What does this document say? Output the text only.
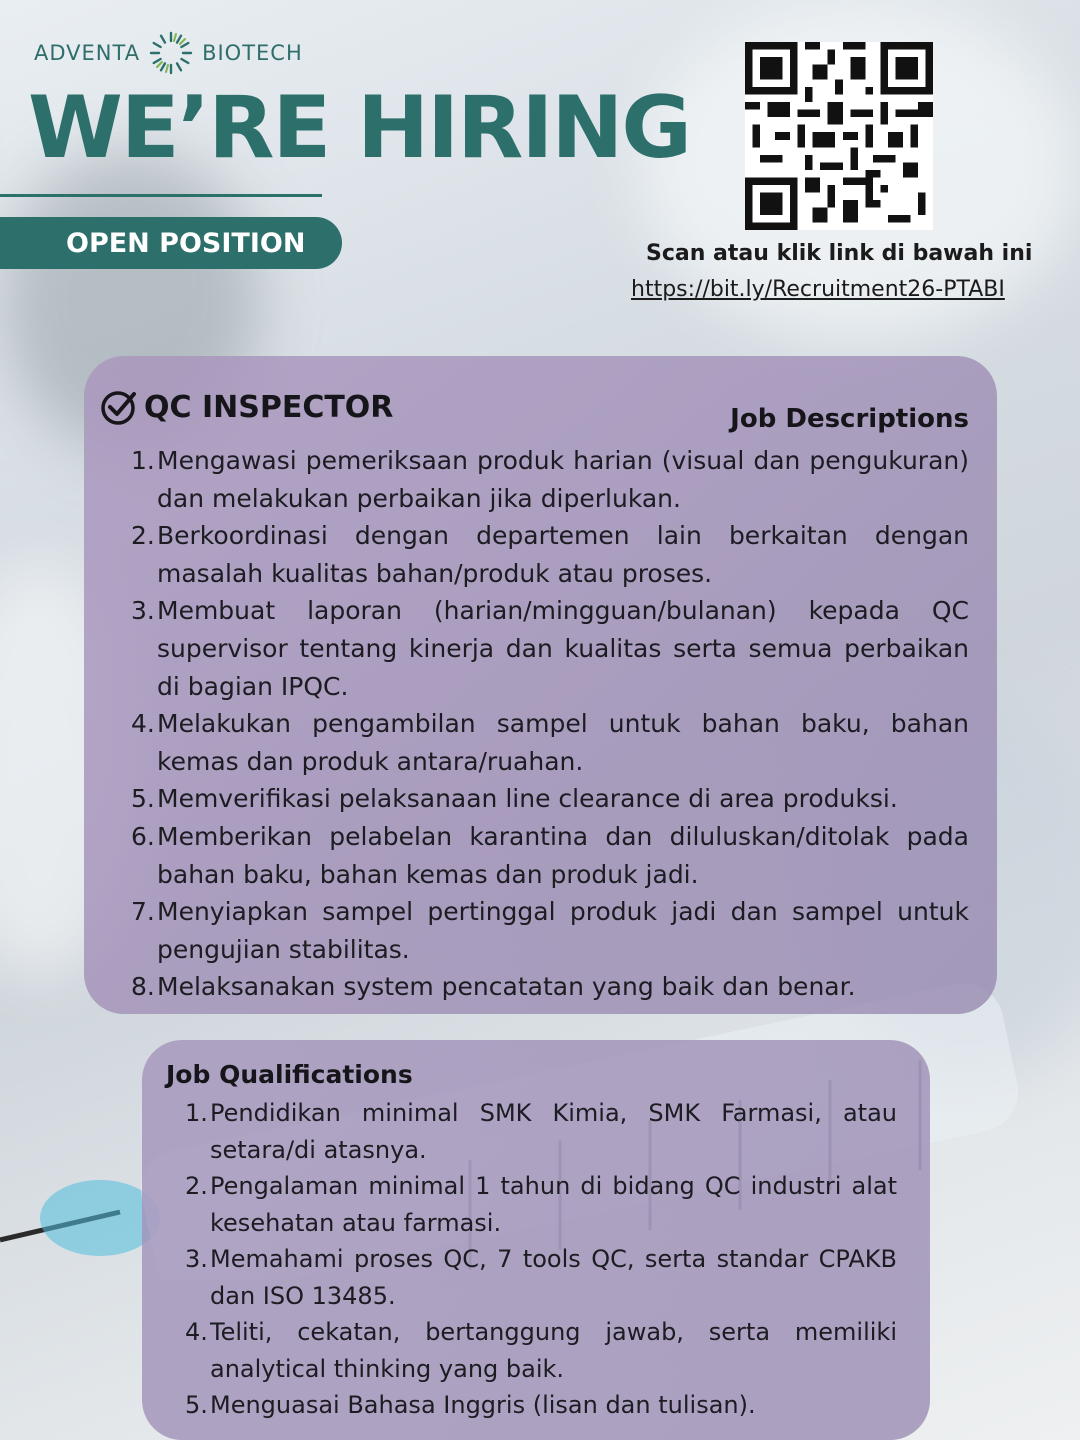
ADVENTA	BIOTECH
WE’RE HIRING
OPEN POSITION	Scan atau klik link di bawah ini
https://bit.ly/Recruitment26-PTABI
QC INSPECTOR	Job Descriptions
1. Mengawasi pemeriksaan produk harian (visual dan pengukuran) dan melakukan perbaikan jika diperlukan.
2. Berkoordinasi dengan departemen lain berkaitan dengan masalah kualitas bahan/produk atau proses.
3. Membuat laporan (harian/mingguan/bulanan) kepada QC supervisor tentang kinerja dan kualitas serta semua perbaikan di bagian IPQC.
4. Melakukan pengambilan sampel untuk bahan baku, bahan kemas dan produk antara/ruahan.
5. Memverifikasi pelaksanaan line clearance di area produksi.
6. Memberikan pelabelan karantina dan diluluskan/ditolak pada bahan baku, bahan kemas dan produk jadi.
7. Menyiapkan sampel pertinggal produk jadi dan sampel untuk pengujian stabilitas.
8. Melaksanakan system pencatatan yang baik dan benar.
Job Qualifications
1. Pendidikan minimal SMK Kimia, SMK Farmasi, atau setara/di atasnya.
2. Pengalaman minimal 1 tahun di bidang QC industri alat kesehatan atau farmasi.
3. Memahami proses QC, 7 tools QC, serta standar CPAKB dan ISO 13485.
4. Teliti, cekatan, bertanggung jawab, serta memiliki analytical thinking yang baik.
5. Menguasai Bahasa Inggris (lisan dan tulisan).
